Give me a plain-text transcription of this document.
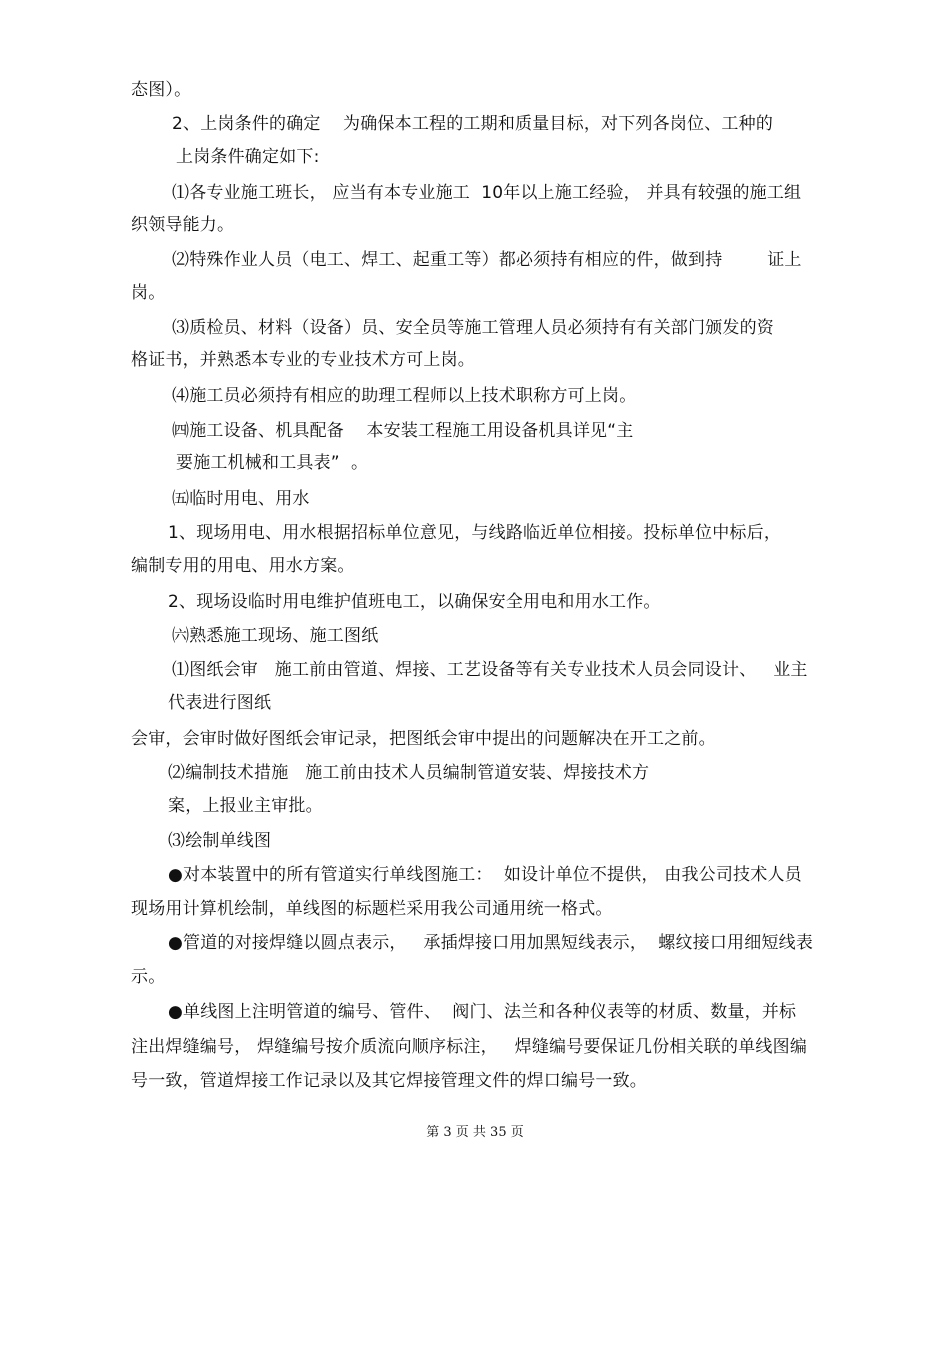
态图）。
2、上岗条件的确定    为确保本工程的工期和质量目标，对下列各岗位、工种的
上岗条件确定如下:
⑴各专业施工班长， 应当有本专业施工  10年以上施工经验， 并具有较强的施工组
织领导能力。
⑵特殊作业人员（电工、焊工、起重工等）都必须持有相应的件，做到持        证上
岗。
⑶质检员、材料（设备）员、安全员等施工管理人员必须持有有关部门颁发的资
格证书，并熟悉本专业的专业技术方可上岗。
⑷施工员必须持有相应的助理工程师以上技术职称方可上岗。
㈣施工设备、机具配备    本安装工程施工用设备机具详见“主
要施工机械和工具表”  。
㈤临时用电、用水
1、现场用电、用水根据招标单位意见，与线路临近单位相接。投标单位中标后，
编制专用的用电、用水方案。
2、现场设临时用电维护值班电工，以确保安全用电和用水工作。
㈥熟悉施工现场、施工图纸
⑴图纸会审   施工前由管道、焊接、工艺设备等有关专业技术人员会同设计、   业主
代表进行图纸
会审，会审时做好图纸会审记录，把图纸会审中提出的问题解决在开工之前。
⑵编制技术措施   施工前由技术人员编制管道安装、焊接技术方
案，上报业主审批。
⑶绘制单线图
●对本装置中的所有管道实行单线图施工：  如设计单位不提供， 由我公司技术人员
现场用计算机绘制，单线图的标题栏采用我公司通用统一格式。
●管道的对接焊缝以圆点表示，   承插焊接口用加黑短线表示，  螺纹接口用细短线表
示。
●单线图上注明管道的编号、管件、  阀门、法兰和各种仪表等的材质、数量，并标
注出焊缝编号， 焊缝编号按介质流向顺序标注，   焊缝编号要保证几份相关联的单线图编
号一致，管道焊接工作记录以及其它焊接管理文件的焊口编号一致。
第 3 页 共 35 页
